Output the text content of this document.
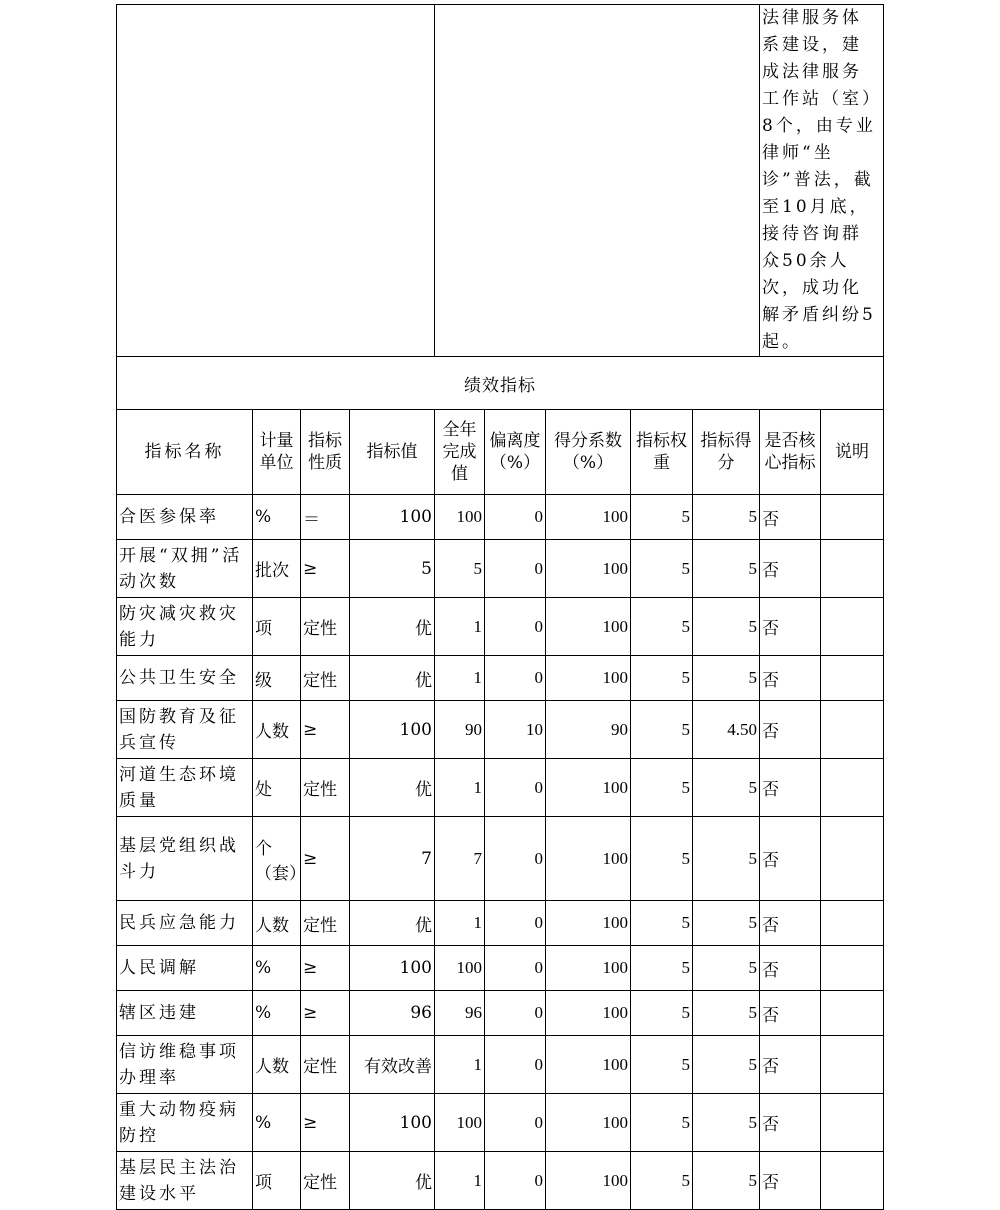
									法律服务体系建设，建成法律服务工作站（室）8个，由专业律师“坐诊”普法，截至10月底，接待咨询群众50余人次，成功化解矛盾纠纷5起。	
绩效指标										
指标名称	计量单位	指标性质	指标值	全年完成值	偏离度（%）	得分系数（%）	指标权重	指标得分	是否核心指标	说明
合医参保率	%	＝	100	100	0	100	5	5	否	
开展“双拥”活动次数	批次	≥	5	5	0	100	5	5	否	
防灾减灾救灾能力	项	定性	优	1	0	100	5	5	否	
公共卫生安全	级	定性	优	1	0	100	5	5	否	
国防教育及征兵宣传	人数	≥	100	90	10	90	5	4.50	否	
河道生态环境质量	处	定性	优	1	0	100	5	5	否	
基层党组织战斗力	个（套）	≥	7	7	0	100	5	5	否	
民兵应急能力	人数	定性	优	1	0	100	5	5	否	
人民调解	%	≥	100	100	0	100	5	5	否	
辖区违建	%	≥	96	96	0	100	5	5	否	
信访维稳事项办理率	人数	定性	有效改善	1	0	100	5	5	否	
重大动物疫病防控	%	≥	100	100	0	100	5	5	否	
基层民主法治建设水平	项	定性	优	1	0	100	5	5	否	
